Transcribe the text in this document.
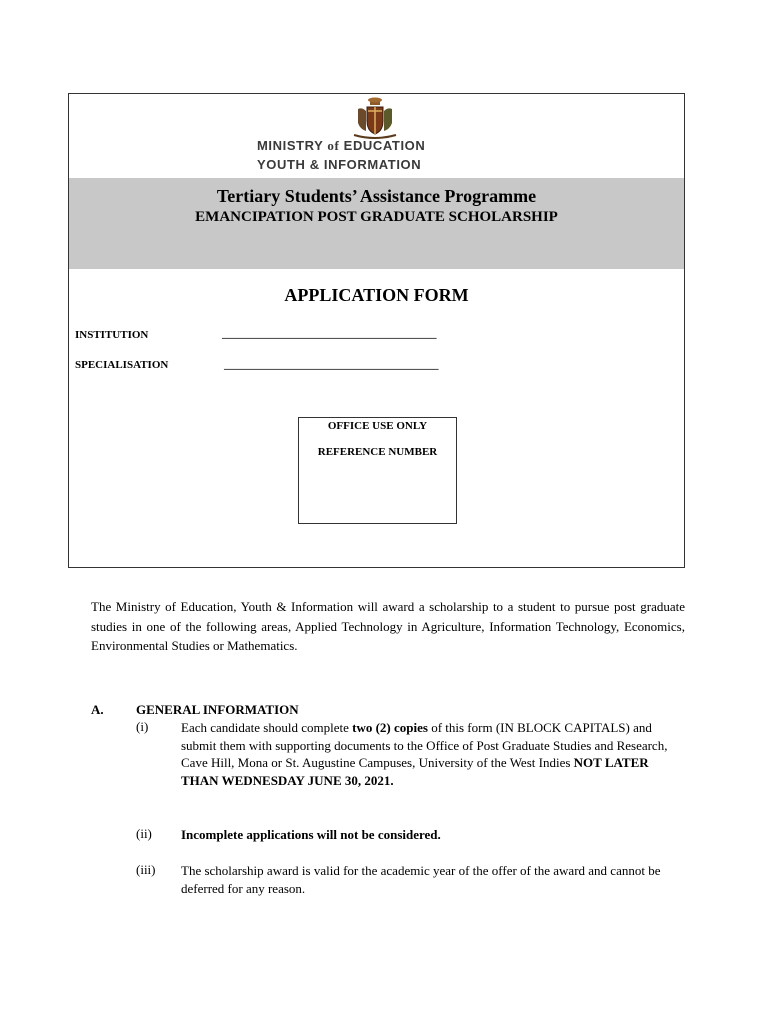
MINISTRY of EDUCATION
YOUTH & INFORMATION
Tertiary Students’ Assistance Programme
EMANCIPATION POST GRADUATE SCHOLARSHIP
APPLICATION FORM
INSTITUTION	_______________________________________
SPECIALISATION	_______________________________________
OFFICE USE ONLY
REFERENCE NUMBER
The Ministry of Education, Youth & Information will award a scholarship to a student to pursue post graduate studies in one of the following areas, Applied Technology in Agriculture, Information Technology, Economics, Environmental Studies or Mathematics.
A. GENERAL INFORMATION
(i)	Each candidate should complete two (2) copies of this form (IN BLOCK CAPITALS) and submit them with supporting documents to the Office of Post Graduate Studies and Research, Cave Hill, Mona or St. Augustine Campuses, University of the West Indies NOT LATER THAN WEDNESDAY JUNE 30, 2021.
(ii) Incomplete applications will not be considered.
(iii) The scholarship award is valid for the academic year of the offer of the award and cannot be deferred for any reason.
